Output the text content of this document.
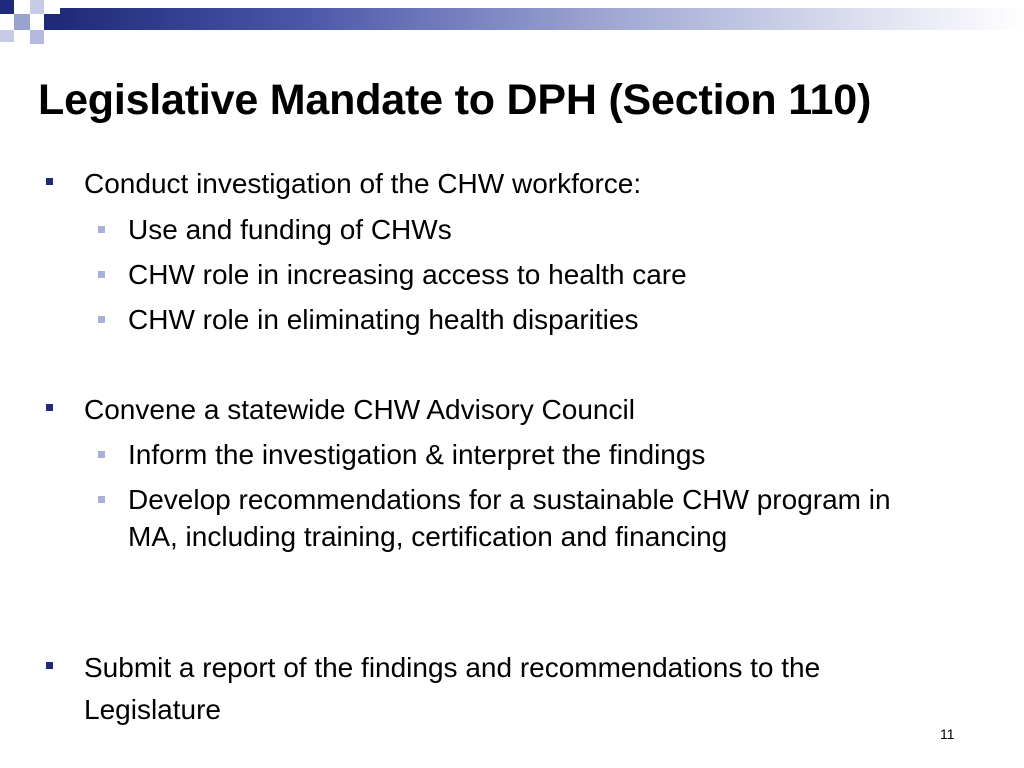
Legislative Mandate to DPH (Section 110)
Conduct investigation of the CHW workforce:
Use and funding of CHWs
CHW role in increasing access to health care
CHW role in eliminating health disparities
Convene a statewide CHW Advisory Council
Inform the investigation & interpret the findings
Develop recommendations for a sustainable CHW program in MA, including training, certification and financing
Submit a report of the findings and recommendations to the Legislature
11
